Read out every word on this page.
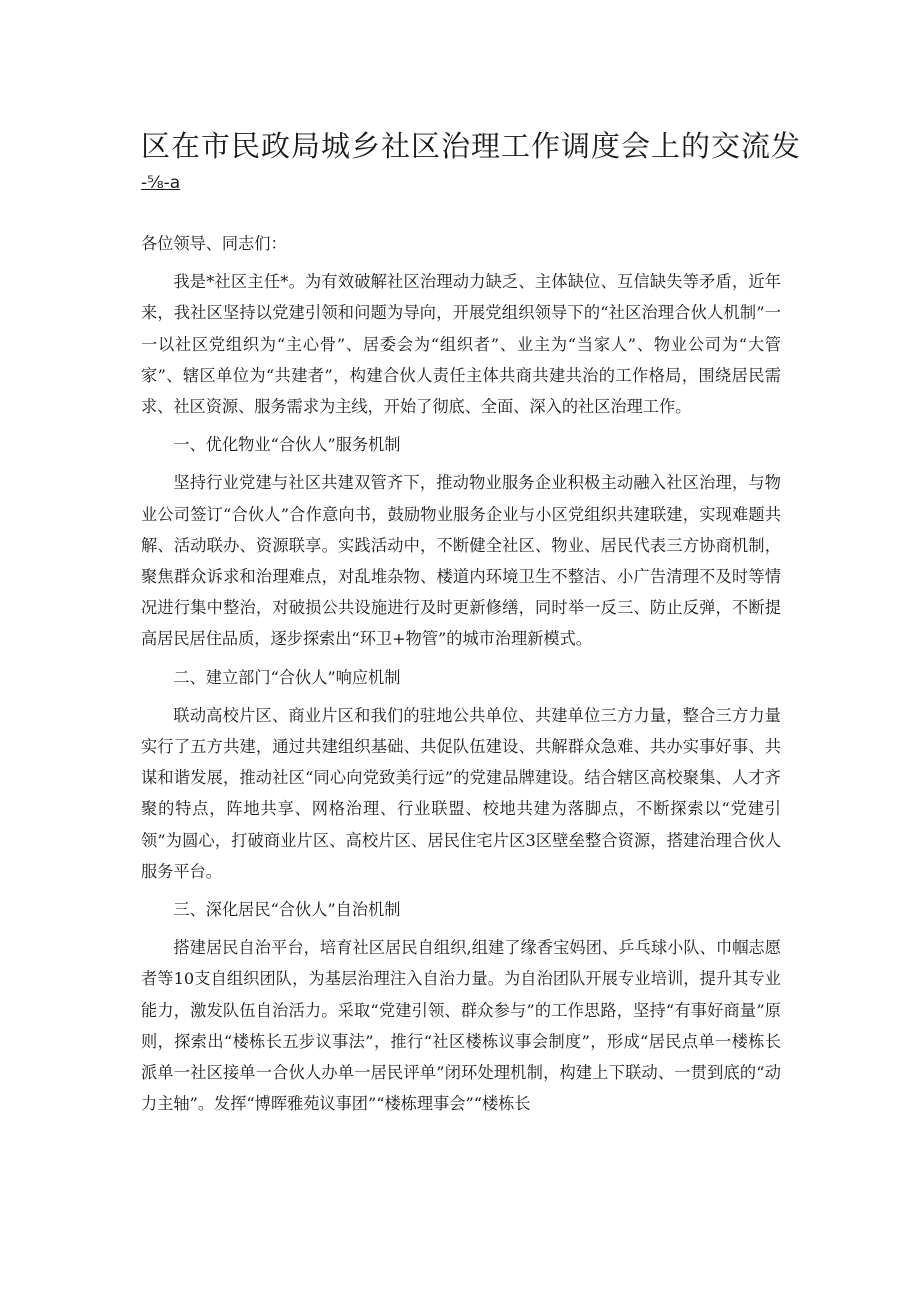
区在市民政局城乡社区治理工作调度会上的交流发
-⅝-a

各位领导、同志们：

我是*社区主任*。为有效破解社区治理动力缺乏、主体缺位、互信缺失等矛盾，近年来，我社区坚持以党建引领和问题为导向，开展党组织领导下的“社区治理合伙人机制”一一以社区党组织为“主心骨”、居委会为“组织者”、业主为“当家人”、物业公司为“大管家”、辖区单位为“共建者”，构建合伙人责任主体共商共建共治的工作格局，围绕居民需求、社区资源、服务需求为主线，开始了彻底、全面、深入的社区治理工作。

一、优化物业“合伙人”服务机制

坚持行业党建与社区共建双管齐下，推动物业服务企业积极主动融入社区治理，与物业公司签订“合伙人”合作意向书，鼓励物业服务企业与小区党组织共建联建，实现难题共解、活动联办、资源联享。实践活动中，不断健全社区、物业、居民代表三方协商机制，聚焦群众诉求和治理难点，对乱堆杂物、楼道内环境卫生不整洁、小广告清理不及时等情况进行集中整治，对破损公共设施进行及时更新修缮，同时举一反三、防止反弹，不断提高居民居住品质，逐步探索出“环卫+物管”的城市治理新模式。

二、建立部门“合伙人”响应机制

联动高校片区、商业片区和我们的驻地公共单位、共建单位三方力量，整合三方力量实行了五方共建，通过共建组织基础、共促队伍建设、共解群众急难、共办实事好事、共谋和谐发展，推动社区“同心向党致美行远”的党建品牌建设。结合辖区高校聚集、人才齐聚的特点，阵地共享、网格治理、行业联盟、校地共建为落脚点，不断探索以“党建引领”为圆心，打破商业片区、高校片区、居民住宅片区3区壁垒整合资源，搭建治理合伙人服务平台。

三、深化居民“合伙人”自治机制

搭建居民自治平台，培育社区居民自组织,组建了缘香宝妈团、乒乓球小队、巾帼志愿者等10支自组织团队，为基层治理注入自治力量。为自治团队开展专业培训，提升其专业能力，激发队伍自治活力。采取“党建引领、群众参与”的工作思路，坚持“有事好商量”原则，探索出“楼栋长五步议事法”，推行“社区楼栋议事会制度”，形成“居民点单一楼栋长派单一社区接单一合伙人办单一居民评单”闭环处理机制，构建上下联动、一贯到底的“动力主轴”。发挥“博晖雅苑议事团”“楼栋理事会”“楼栋长
